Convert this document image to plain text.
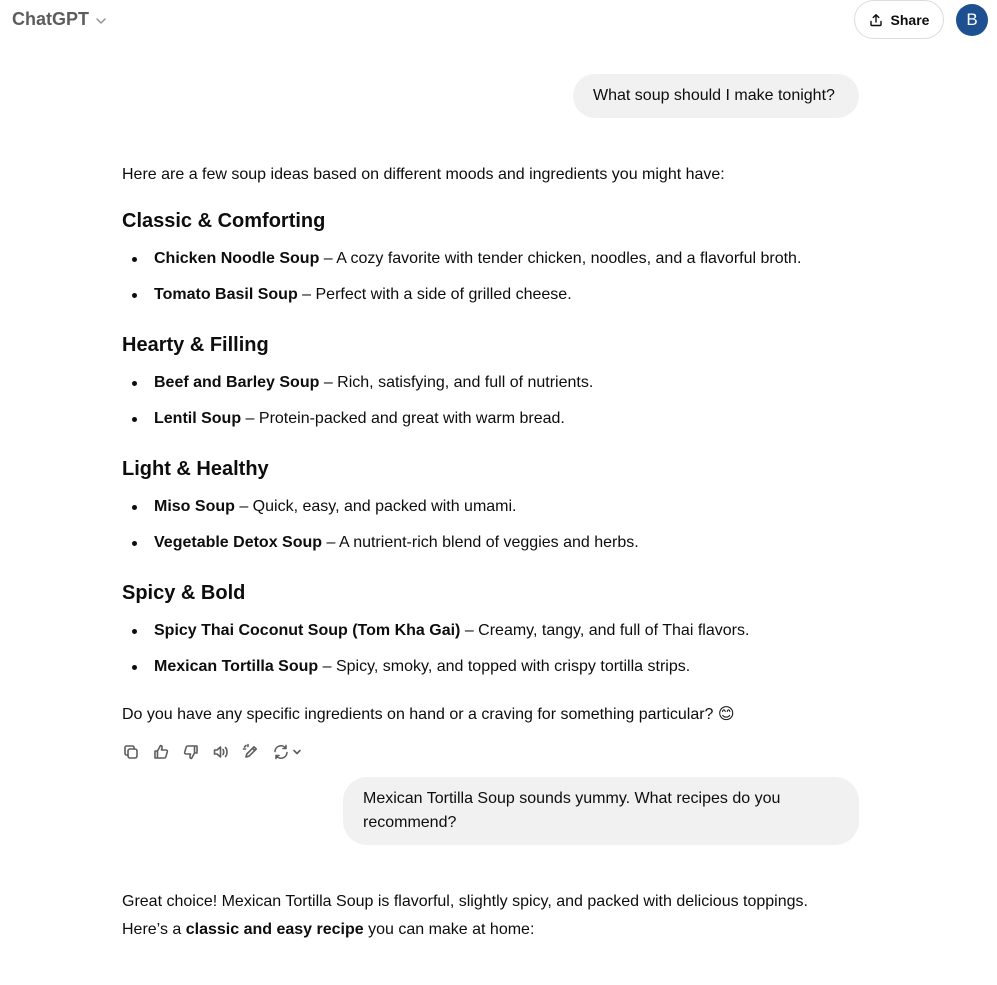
ChatGPT	Share B
What soup should I make tonight?
Here are a few soup ideas based on different moods and ingredients you might have:
Classic & Comforting
Chicken Noodle Soup – A cozy favorite with tender chicken, noodles, and a flavorful broth.
Tomato Basil Soup – Perfect with a side of grilled cheese.
Hearty & Filling
Beef and Barley Soup – Rich, satisfying, and full of nutrients.
Lentil Soup – Protein-packed and great with warm bread.
Light & Healthy
Miso Soup – Quick, easy, and packed with umami.
Vegetable Detox Soup – A nutrient-rich blend of veggies and herbs.
Spicy & Bold
Spicy Thai Coconut Soup (Tom Kha Gai) – Creamy, tangy, and full of Thai flavors.
Mexican Tortilla Soup – Spicy, smoky, and topped with crispy tortilla strips.
Do you have any specific ingredients on hand or a craving for something particular? 😊
Mexican Tortilla Soup sounds yummy. What recipes do you recommend?
Great choice! Mexican Tortilla Soup is flavorful, slightly spicy, and packed with delicious toppings.
Here’s a classic and easy recipe you can make at home:
